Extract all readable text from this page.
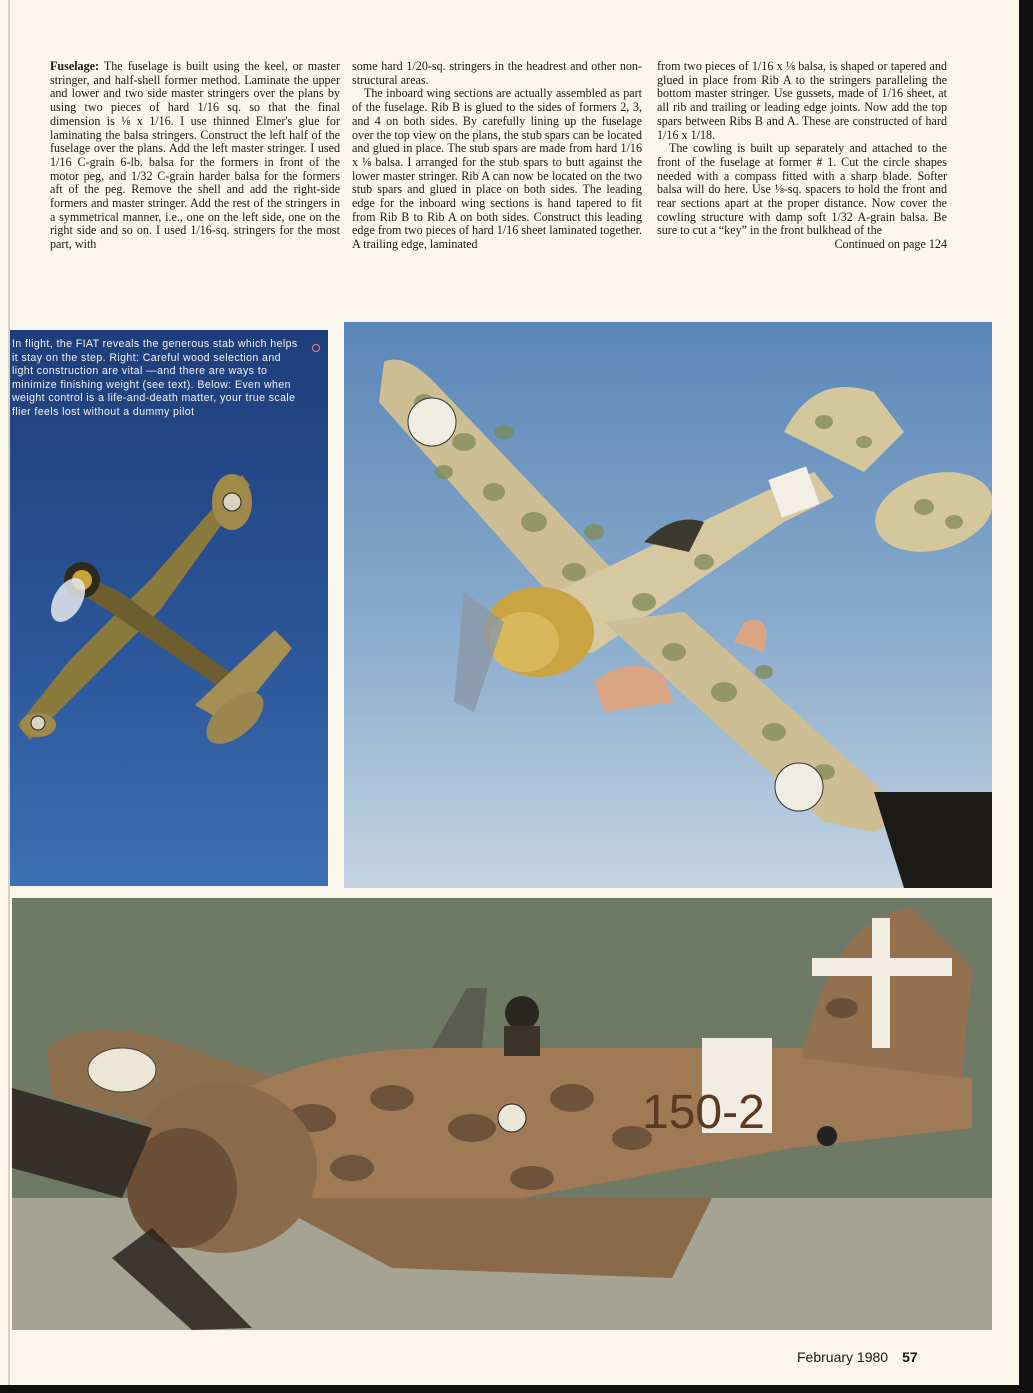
Fuselage: The fuselage is built using the keel, or master stringer, and half-shell former method. Laminate the upper and lower and two side master stringers over the plans by using two pieces of hard 1/16 sq. so that the final dimension is ⅛ x 1/16. I use thinned Elmer's glue for laminating the balsa stringers. Construct the left half of the fuselage over the plans. Add the left master stringer. I used 1/16 C-grain 6-lb. balsa for the formers in front of the motor peg, and 1/32 C-grain harder balsa for the formers aft of the peg. Remove the shell and add the right-side formers and master stringer. Add the rest of the stringers in a symmetrical manner, i.e., one on the left side, one on the right side and so on. I used 1/16-sq. stringers for the most part, with

some hard 1/20-sq. stringers in the headrest and other non-structural areas.

The inboard wing sections are actually assembled as part of the fuselage. Rib B is glued to the sides of formers 2, 3, and 4 on both sides. By carefully lining up the fuselage over the top view on the plans, the stub spars can be located and glued in place. The stub spars are made from hard 1/16 x ⅛ balsa. I arranged for the stub spars to butt against the lower master stringer. Rib A can now be located on the two stub spars and glued in place on both sides. The leading edge for the inboard wing sections is hand tapered to fit from Rib B to Rib A on both sides. Construct this leading edge from two pieces of hard 1/16 sheet laminated together. A trailing edge, laminated

from two pieces of 1/16 x ⅛ balsa, is shaped or tapered and glued in place from Rib A to the stringers paralleling the bottom master stringer. Use gussets, made of 1/16 sheet, at all rib and trailing or leading edge joints. Now add the top spars between Ribs B and A. These are constructed of hard 1/16 x 1/18.

The cowling is built up separately and attached to the front of the fuselage at former # 1. Cut the circle shapes needed with a compass fitted with a sharp blade. Softer balsa will do here. Use ⅛-sq. spacers to hold the front and rear sections apart at the proper distance. Now cover the cowling structure with damp soft 1/32 A-grain balsa. Be sure to cut a “key” in the front bulkhead of the

Continued on page 124

In flight, the FIAT reveals the generous stab which helps it stay on the step. Right: Careful wood selection and light construction are vital —and there are ways to minimize finishing weight (see text). Below: Even when weight control is a life-and-death matter, your true scale flier feels lost without a dummy pilot

150-2
February 1980 57
